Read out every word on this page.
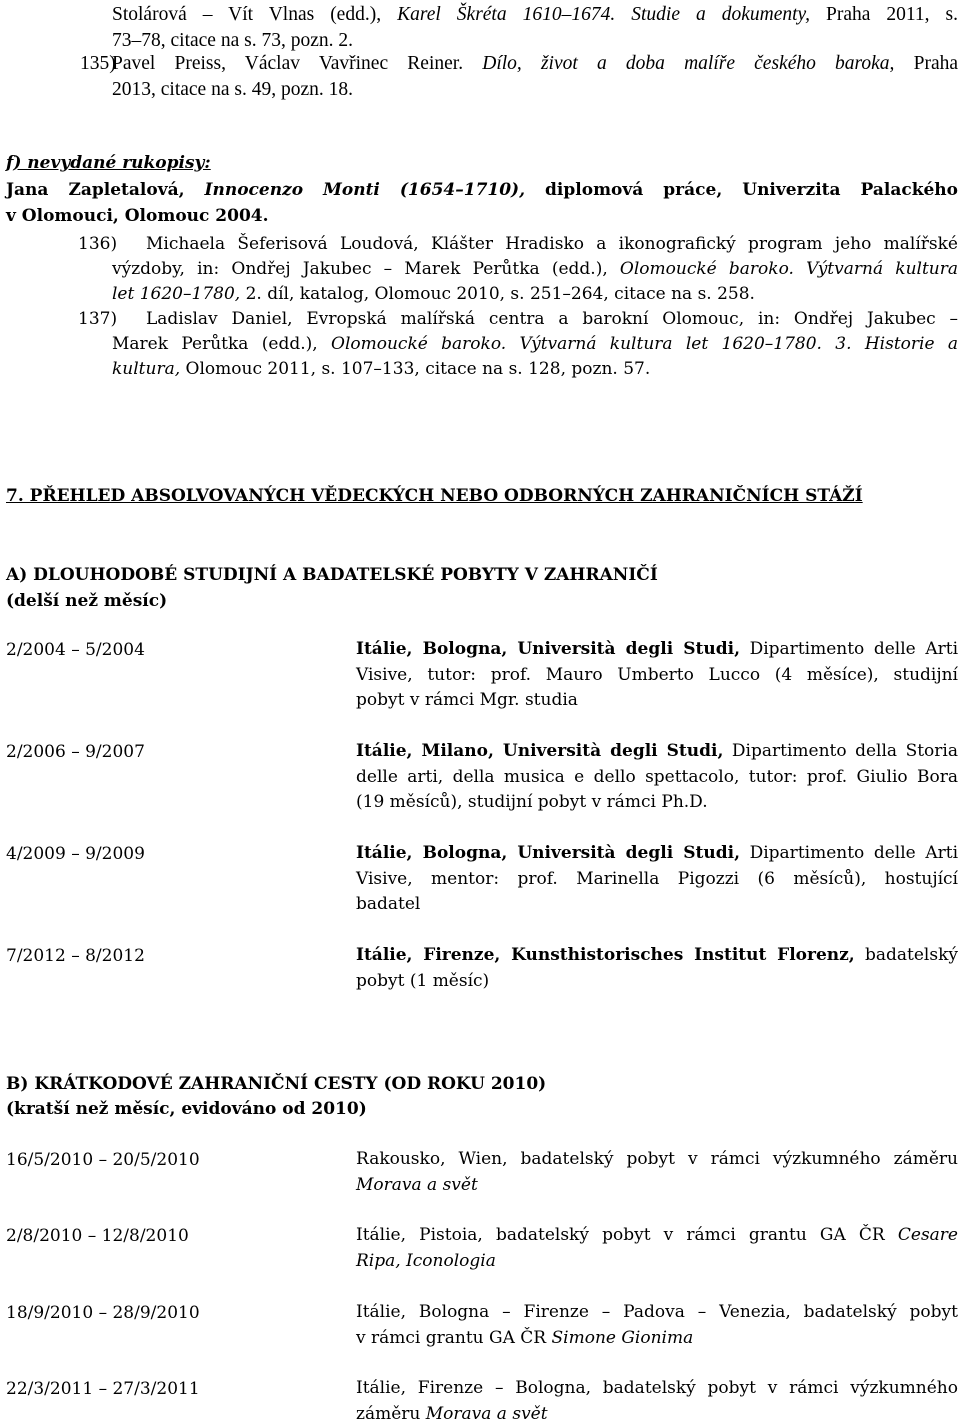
Stolárová – Vít Vlnas (edd.), Karel Škréta 1610–1674. Studie a dokumenty, Praha 2011, s.
73–78, citace na s. 73, pozn. 2.
135)Pavel Preiss, Václav Vavřinec Reiner. Dílo, život a doba malíře českého baroka, Praha
2013, citace na s. 49, pozn. 18.
f) nevydané rukopisy:
Jana Zapletalová, Innocenzo Monti (1654–1710), diplomová práce, Univerzita Palackého
v Olomouci, Olomouc 2004.
136) Michaela Šeferisová Loudová, Klášter Hradisko a ikonografický program jeho malířské
výzdoby, in: Ondřej Jakubec – Marek Perůtka (edd.), Olomoucké baroko. Výtvarná kultura
let 1620–1780, 2. díl, katalog, Olomouc 2010, s. 251–264, citace na s. 258.
137) Ladislav Daniel, Evropská malířská centra a barokní Olomouc, in: Ondřej Jakubec –
Marek Perůtka (edd.), Olomoucké baroko. Výtvarná kultura let 1620–1780. 3. Historie a
kultura, Olomouc 2011, s. 107–133, citace na s. 128, pozn. 57.
7. PŘEHLED ABSOLVOVANÝCH VĚDECKÝCH NEBO ODBORNÝCH ZAHRANIČNÍCH STÁŽÍ
A) DLOUHODOBÉ STUDIJNÍ A BADATELSKÉ POBYTY V ZAHRANIČÍ
(delší než měsíc)
2/2004 – 5/2004	Itálie, Bologna, Università degli Studi, Dipartimento delle Arti
Visive, tutor: prof. Mauro Umberto Lucco (4 měsíce), studijní
pobyt v rámci Mgr. studia
2/2006 – 9/2007	Itálie, Milano, Università degli Studi, Dipartimento della Storia
delle arti, della musica e dello spettacolo, tutor: prof. Giulio Bora
(19 měsíců), studijní pobyt v rámci Ph.D.
4/2009 – 9/2009	Itálie, Bologna, Università degli Studi, Dipartimento delle Arti
Visive, mentor: prof. Marinella Pigozzi (6 měsíců), hostující
badatel
7/2012 – 8/2012	Itálie, Firenze, Kunsthistorisches Institut Florenz, badatelský
pobyt (1 měsíc)
B) KRÁTKODOVÉ ZAHRANIČNÍ CESTY (OD ROKU 2010)
(kratší než měsíc, evidováno od 2010)
16/5/2010 – 20/5/2010	Rakousko, Wien, badatelský pobyt v rámci výzkumného záměru
Morava a svět
2/8/2010 – 12/8/2010	Itálie, Pistoia, badatelský pobyt v rámci grantu GA ČR Cesare
Ripa, Iconologia
18/9/2010 – 28/9/2010	Itálie, Bologna – Firenze – Padova – Venezia, badatelský pobyt
v rámci grantu GA ČR Simone Gionima
22/3/2011 – 27/3/2011	Itálie, Firenze – Bologna, badatelský pobyt v rámci výzkumného
záměru Morava a svět
